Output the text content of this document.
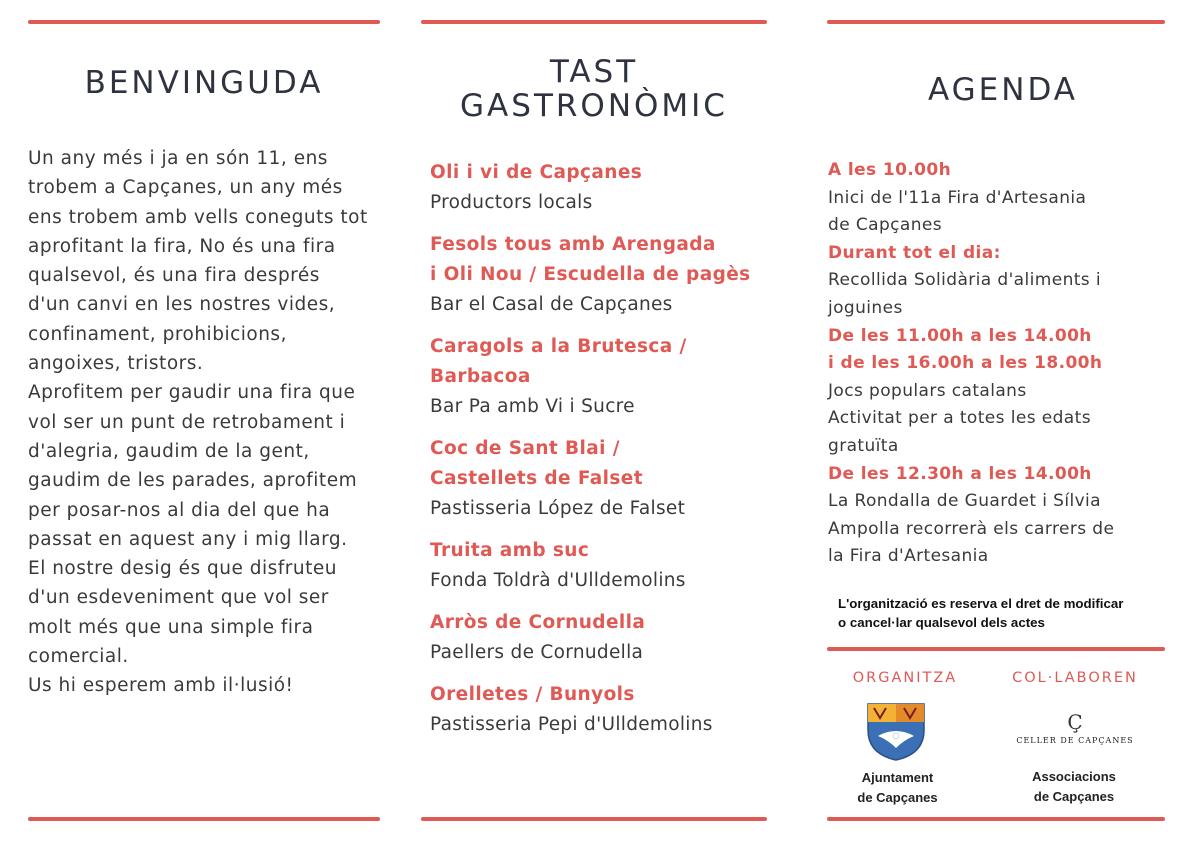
BENVINGUDA

Un any més i ja en són 11, ens

trobem a Capçanes, un any més

ens trobem amb vells coneguts tot

aprofitant la fira, No és una fira

qualsevol, és una fira després

d'un canvi en les nostres vides,

confinament, prohibicions,

angoixes, tristors.

Aprofitem per gaudir una fira que

vol ser un punt de retrobament i

d'alegria, gaudim de la gent,

gaudim de les parades, aprofitem

per posar-nos al dia del que ha

passat en aquest any i mig llarg.

El nostre desig és que disfruteu

d'un esdeveniment que vol ser

molt més que una simple fira

comercial.

Us hi esperem amb il·lusió!

TAST
GASTRONÒMIC
Oli i vi de Capçanes
Productors locals
Fesols tous amb Arengada
i Oli Nou / Escudella de pagès
Bar el Casal de Capçanes
Caragols a la Brutesca /
Barbacoa
Bar Pa amb Vi i Sucre
Coc de Sant Blai /
Castellets de Falset
Pastisseria López de Falset
Truita amb suc
Fonda Toldrà d'Ulldemolins
Arròs de Cornudella
Paellers de Cornudella
Orelletes / Bunyols
Pastisseria Pepi d'Ulldemolins
AGENDA
A les 10.00h
Inici de l'11a Fira d'Artesania
de Capçanes
Durant tot el dia:
Recollida Solidària d'aliments i
joguines
De les 11.00h a les 14.00h
i de les 16.00h a les 18.00h
Jocs populars catalans
Activitat per a totes les edats
gratuïta
De les 12.30h a les 14.00h
La Rondalla de Guardet i Sílvia
Ampolla recorrerà els carrers de
la Fira d'Artesania
L'organització es reserva el dret de modificar
o cancel·lar qualsevol dels actes
ORGANITZA	COL·LABOREN
Ajuntament
de Capçanes
Ç
CELLER DE CAPÇANES
Associacions
de Capçanes
